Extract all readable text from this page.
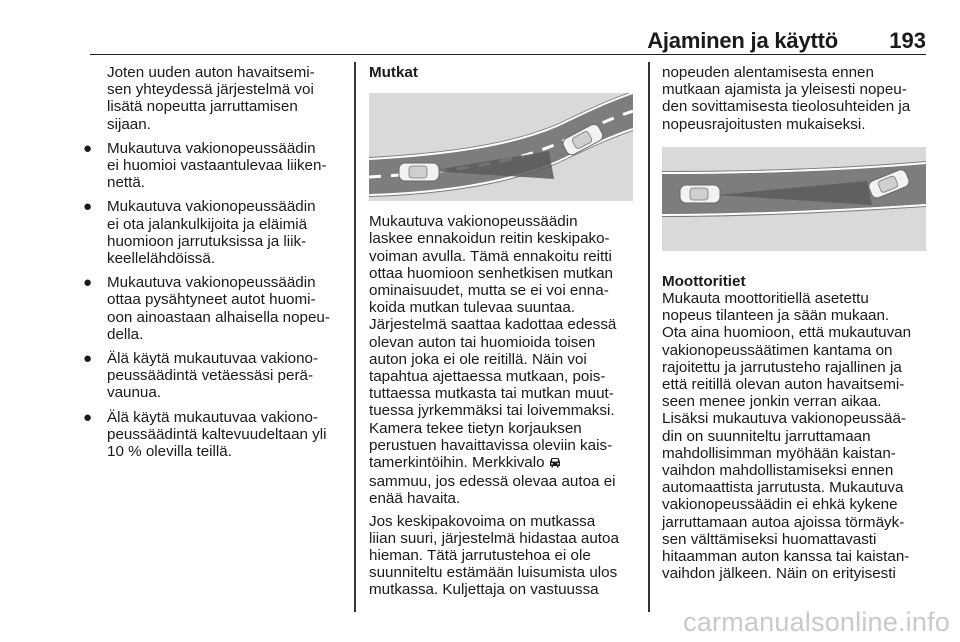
Ajaminen ja käyttö 193
Joten uuden auton havaitsemi-
sen yhteydessä järjestelmä voi
lisätä nopeutta jarruttamisen
sijaan.
● Mukautuva vakionopeussäädin
ei huomioi vastaantulevaa liiken-
nettä.
● Mukautuva vakionopeussäädin
ei ota jalankulkijoita ja eläimiä
huomioon jarrutuksissa ja liik-
keellelähdöissä.
● Mukautuva vakionopeussäädin
ottaa pysähtyneet autot huomi-
oon ainoastaan alhaisella nopeu-
della.
● Älä käytä mukautuvaa vakiono-
peussäädintä vetäessäsi perä-
vaunua.
● Älä käytä mukautuvaa vakiono-
peussäädintä kaltevuudeltaan yli
10 % olevilla teillä.
Mutkat
Mukautuva vakionopeussäädin
laskee ennakoidun reitin keskipako-
voiman avulla. Tämä ennakoitu reitti
ottaa huomioon senhetkisen mutkan
ominaisuudet, mutta se ei voi enna-
koida mutkan tulevaa suuntaa.
Järjestelmä saattaa kadottaa edessä
olevan auton tai huomioida toisen
auton joka ei ole reitillä. Näin voi
tapahtua ajettaessa mutkaan, pois-
tuttaessa mutkasta tai mutkan muut-
tuessa jyrkemmäksi tai loivemmaksi.
Kamera tekee tietyn korjauksen
perustuen havaittavissa oleviin kais-
tamerkintöihin. Merkkivalo
sammuu, jos edessä olevaa autoa ei
enää havaita.
Jos keskipakovoima on mutkassa
liian suuri, järjestelmä hidastaa autoa
hieman. Tätä jarrutustehoa ei ole
suunniteltu estämään luisumista ulos
mutkassa. Kuljettaja on vastuussa
nopeuden alentamisesta ennen
mutkaan ajamista ja yleisesti nopeu-
den sovittamisesta tieolosuhteiden ja
nopeusrajoitusten mukaiseksi.
Moottoritiet
Mukauta moottoritiellä asetettu
nopeus tilanteen ja sään mukaan.
Ota aina huomioon, että mukautuvan
vakionopeussäätimen kantama on
rajoitettu ja jarrutusteho rajallinen ja
että reitillä olevan auton havaitsemi-
seen menee jonkin verran aikaa.
Lisäksi mukautuva vakionopeussää-
din on suunniteltu jarruttamaan
mahdollisimman myöhään kaistan-
vaihdon mahdollistamiseksi ennen
automaattista jarrutusta. Mukautuva
vakionopeussäädin ei ehkä kykene
jarruttamaan autoa ajoissa törmäyk-
sen välttämiseksi huomattavasti
hitaamman auton kanssa tai kaistan-
vaihdon jälkeen. Näin on erityisesti
carmanualsonline.info
